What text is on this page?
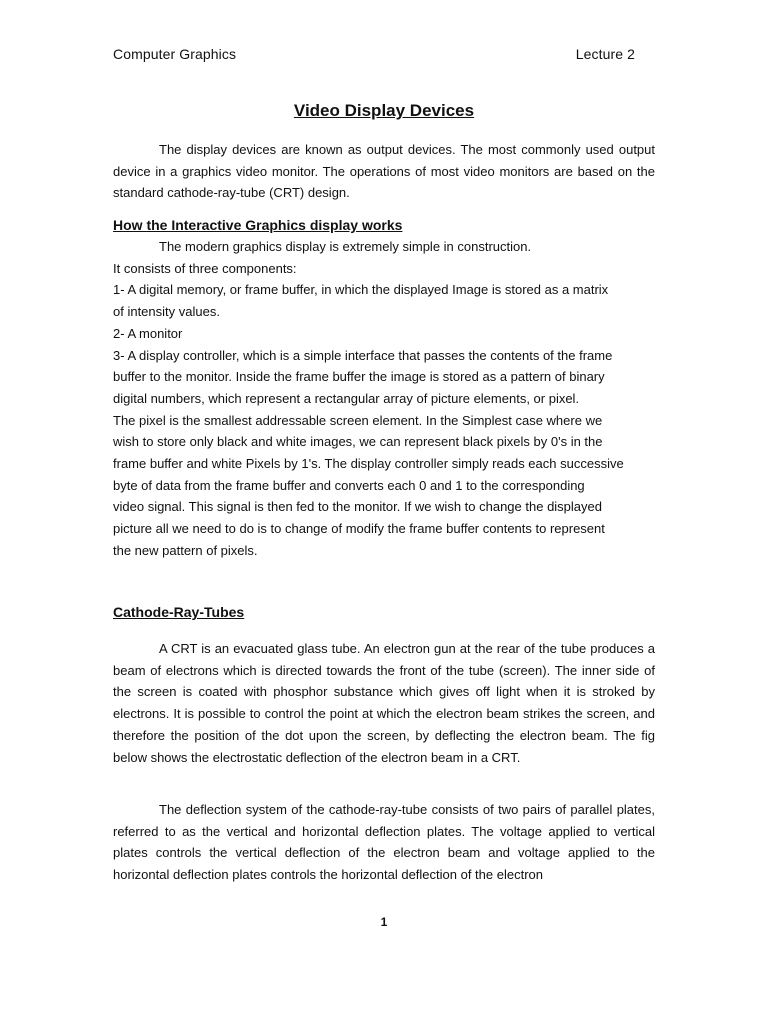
Computer Graphics	Lecture 2
Video Display Devices

The display devices are known as output devices. The most commonly used output device in a graphics video monitor. The operations of most video monitors are based on the standard cathode-ray-tube (CRT) design.

How the Interactive Graphics display works
The modern graphics display is extremely simple in construction.
It consists of three components:
1- A digital memory, or frame buffer, in which the displayed Image is stored as a matrix
of intensity values.
2- A monitor
3- A display controller, which is a simple interface that passes the contents of the frame
buffer to the monitor. Inside the frame buffer the image is stored as a pattern of binary
digital numbers, which represent a rectangular array of picture elements, or pixel.
The pixel is the smallest addressable screen element. In the Simplest case where we
wish to store only black and white images, we can represent black pixels by 0's in the
frame buffer and white Pixels by 1's. The display controller simply reads each successive
byte of data from the frame buffer and converts each 0 and 1 to the corresponding
video signal. This signal is then fed to the monitor. If we wish to change the displayed
picture all we need to do is to change of modify the frame buffer contents to represent
the new pattern of pixels.
Cathode-Ray-Tubes

A CRT is an evacuated glass tube. An electron gun at the rear of the tube produces a beam of electrons which is directed towards the front of the tube (screen). The inner side of the screen is coated with phosphor substance which gives off light when it is stroked by electrons. It is possible to control the point at which the electron beam strikes the screen, and therefore the position of the dot upon the screen, by deflecting the electron beam. The fig below shows the electrostatic deflection of the electron beam in a CRT.

The deflection system of the cathode-ray-tube consists of two pairs of parallel plates, referred to as the vertical and horizontal deflection plates. The voltage applied to vertical plates controls the vertical deflection of the electron beam and voltage applied to the horizontal deflection plates controls the horizontal deflection of the electron

1
